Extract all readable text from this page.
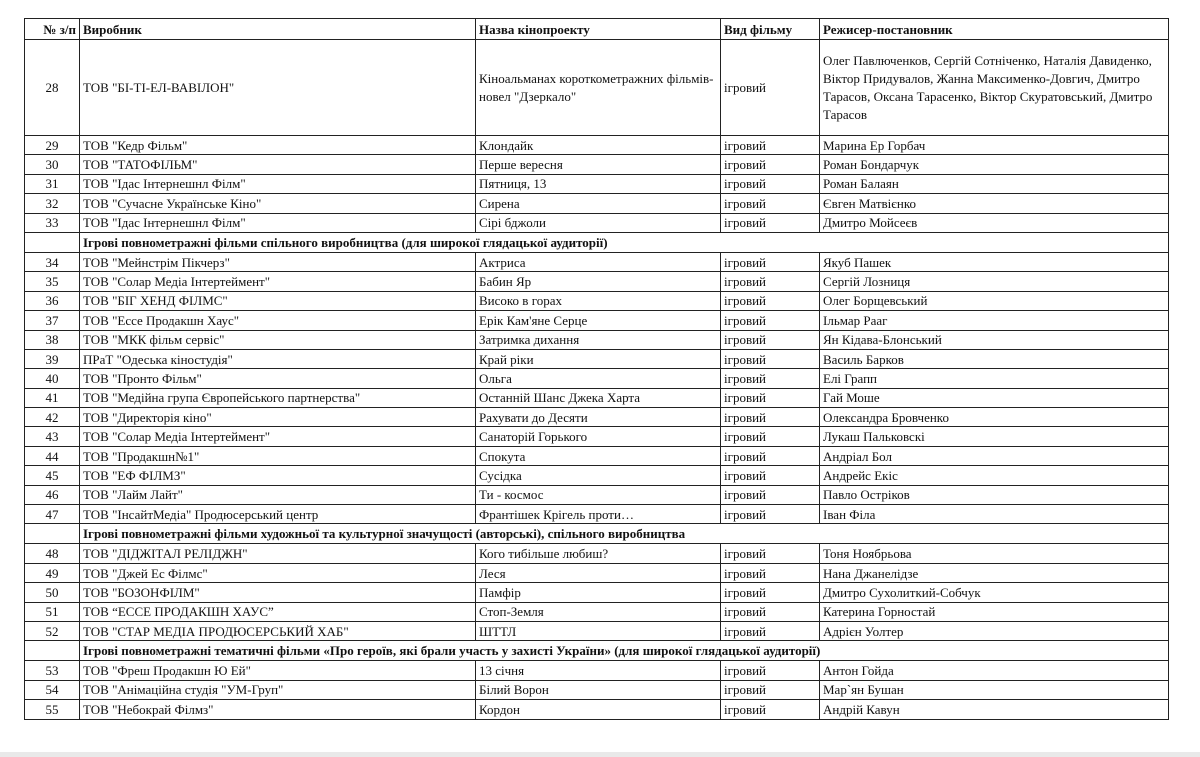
№ з/п	Виробник	Назва кінопроекту	Вид фільму	Режисер-постановник
28	ТОВ "БІ-ТІ-ЕЛ-ВАВІЛОН"	Кіноальманах короткометражних фільмів-новел "Дзеркало"	ігровий	Олег Павлюченков, Сергій Сотніченко, Наталія Давиденко, Віктор Придувалов, Жанна Максименко-Довгич, Дмитро Тарасов, Оксана Тарасенко, Віктор Скуратовський, Дмитро Тарасов
29	ТОВ "Кедр Фільм"	Клондайк	ігровий	Марина Ер Горбач
30	ТОВ "ТАТОФІЛЬМ"	Перше вересня	ігровий	Роман Бондарчук
31	ТОВ "Ідас Інтернешнл Філм"	Пятниця, 13	ігровий	Роман Балаян
32	ТОВ "Сучасне Українське Кіно"	Сирена	ігровий	Євген Матвієнко
33	ТОВ "Ідас Інтернешнл Філм"	Сірі бджоли	ігровий	Дмитро Мойсеєв
	Ігрові повнометражні фільми спільного виробництва (для широкої глядацької аудиторії)			
34	ТОВ "Мейнстрім Пікчерз"	Актриса	ігровий	Якуб Пашек
35	ТОВ "Солар Медіа Інтертеймент"	Бабин Яр	ігровий	Сергій Лозниця
36	ТОВ "БІГ ХЕНД ФІЛМС"	Високо в горах	ігровий	Олег Борщевський
37	ТОВ "Ессе Продакшн Хаус"	Ерік Кам'яне Серце	ігровий	Ільмар Рааг
38	ТОВ "МКК фільм сервіс"	Затримка дихання	ігровий	Ян Кідава-Блонський
39	ПРаТ "Одеська кіностудія"	Край ріки	ігровий	Василь Барков
40	ТОВ "Пронто Фільм"	Ольга	ігровий	Елі Грапп
41	ТОВ "Медійна група Європейського партнерства"	Останній Шанс Джека Харта	ігровий	Гай Моше
42	ТОВ "Директорія кіно"	Рахувати до Десяти	ігровий	Олександра Бровченко
43	ТОВ "Солар Медіа Інтертеймент"	Санаторій Горького	ігровий	Лукаш Пальковскі
44	ТОВ "Продакшн№1"	Спокута	ігровий	Андріал Бол
45	ТОВ "ЕФ ФІЛМЗ"	Сусідка	ігровий	Андрейс Екіс
46	ТОВ "Лайм Лайт"	Ти - космос	ігровий	Павло Острiков
47	ТОВ "ІнсайтМедіа" Продюсерський центр	Франтішек Крігель проти…	ігровий	Іван Філа
	Ігрові повнометражні фільми художньої та культурної значущості (авторські), спільного виробництва			
48	ТОВ "ДІДЖІТАЛ РЕЛІДЖН"	Кого тибільше любиш?	ігровий	Тоня Ноябрьова
49	ТОВ "Джей Ес Філмс"	Леся	ігровий	Нана Джанелідзе
50	ТОВ "БОЗОНФІЛМ"	Памфір	ігровий	Дмитро Сухолиткий-Собчук
51	ТОВ “ЕССЕ ПРОДАКШН ХАУС”	Стоп-Земля	ігровий	Катерина Горностай
52	ТОВ "СТАР МЕДІА ПРОДЮСЕРСЬКИЙ ХАБ"	ШТТЛ	ігровий	Адрієн Уолтер
	Ігрові повнометражні тематичні фільми «Про героїв, які брали участь у захисті України» (для широкої глядацької аудиторії)			
53	ТОВ "Фреш Продакшн Ю Ей"	13 січня	ігровий	Антон Гойда
54	ТОВ "Анімаційна студія "УМ-Груп"	Білий Ворон	ігровий	Мар`ян Бушан
55	ТОВ "Небокрай Філмз"	Кордон	ігровий	Андрій Кавун
